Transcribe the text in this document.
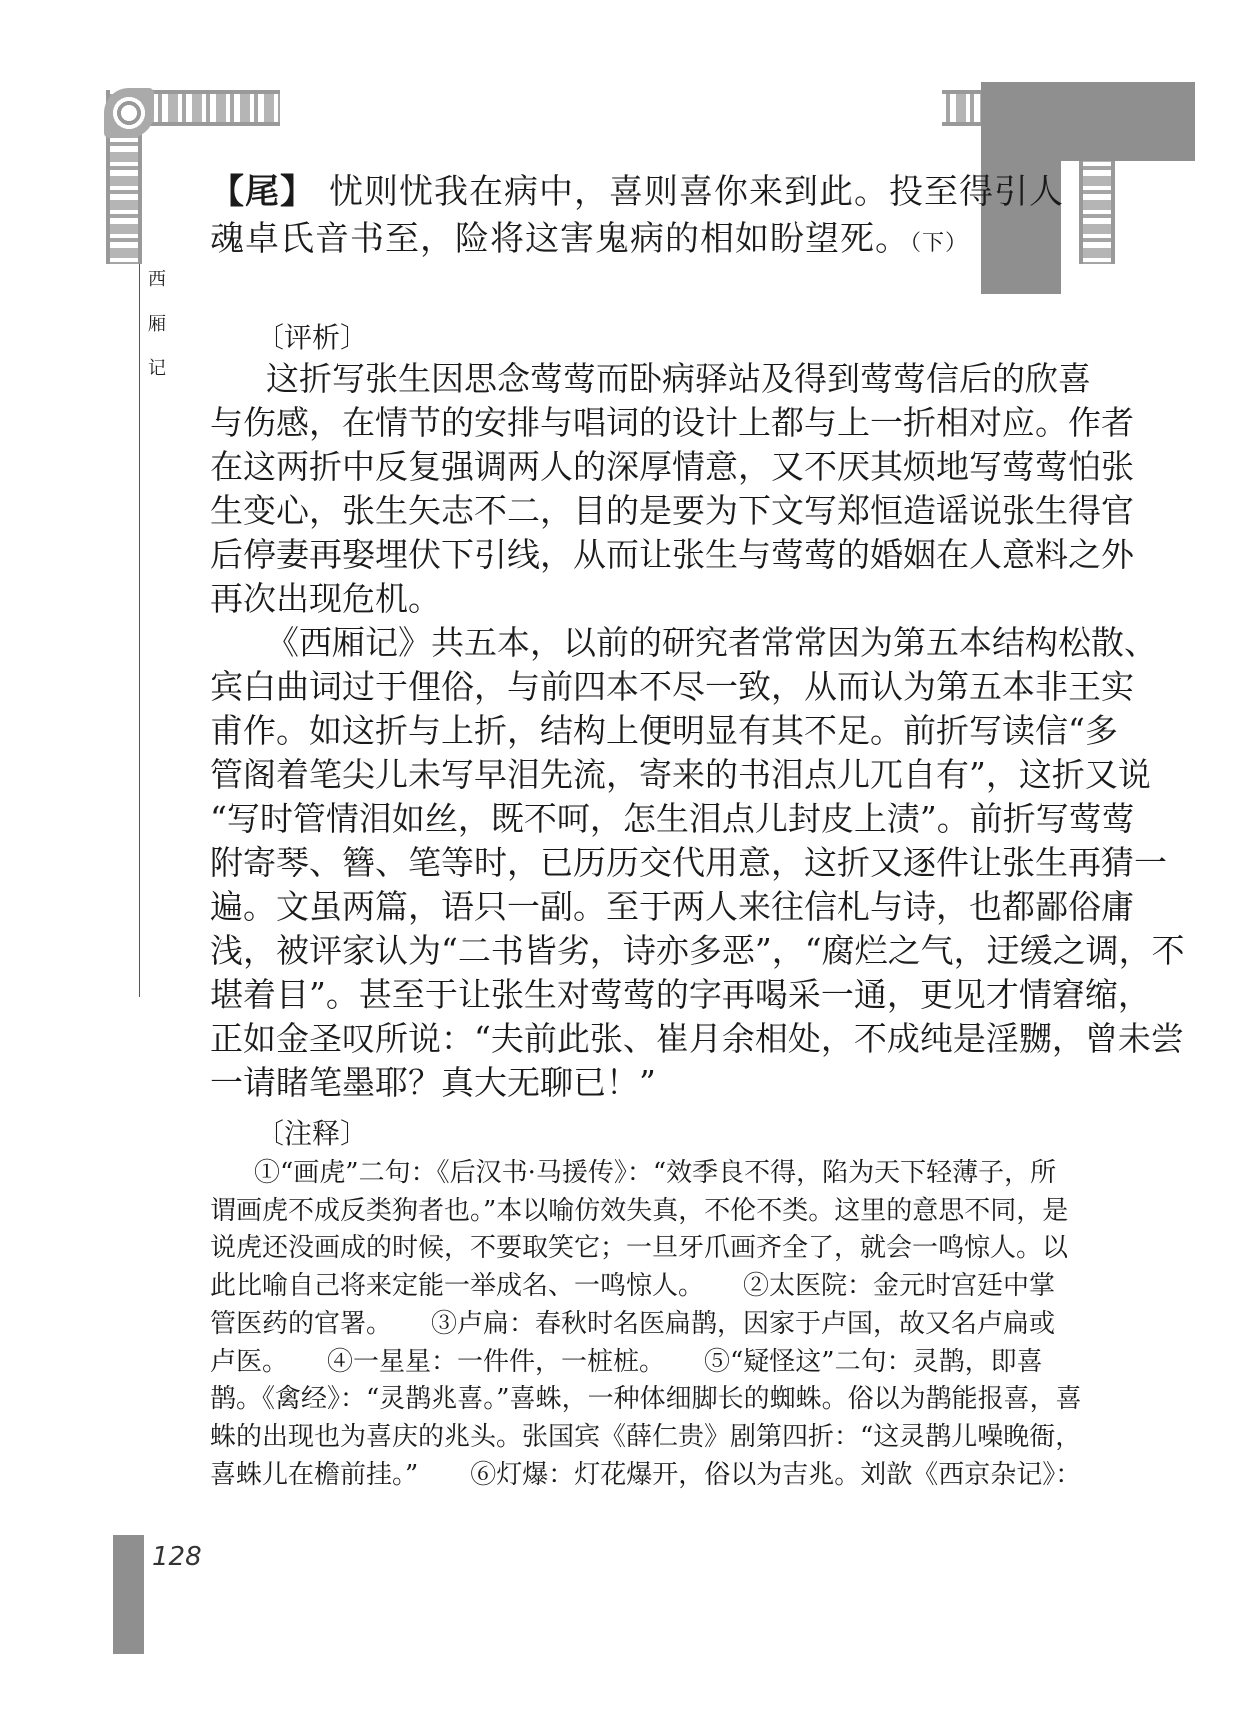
西
厢
记
【尾】 忧则忧我在病中，喜则喜你来到此。投至得引人
魂卓氏音书至，险将这害鬼病的相如盼望死。（下）
〔评析〕
这折写张生因思念莺莺而卧病驿站及得到莺莺信后的欣喜
与伤感，在情节的安排与唱词的设计上都与上一折相对应。作者
在这两折中反复强调两人的深厚情意，又不厌其烦地写莺莺怕张
生变心，张生矢志不二，目的是要为下文写郑恒造谣说张生得官
后停妻再娶埋伏下引线，从而让张生与莺莺的婚姻在人意料之外
再次出现危机。
《西厢记》共五本，以前的研究者常常因为第五本结构松散、
宾白曲词过于俚俗，与前四本不尽一致，从而认为第五本非王实
甫作。如这折与上折，结构上便明显有其不足。前折写读信“多
管阁着笔尖儿未写早泪先流，寄来的书泪点儿兀自有”，这折又说
“写时管情泪如丝，既不呵，怎生泪点儿封皮上渍”。前折写莺莺
附寄琴、簪、笔等时，已历历交代用意，这折又逐件让张生再猜一
遍。文虽两篇，语只一副。至于两人来往信札与诗，也都鄙俗庸
浅，被评家认为“二书皆劣，诗亦多恶”，“腐烂之气，迂缓之调，不
堪着目”。甚至于让张生对莺莺的字再喝采一通，更见才情窘缩，
正如金圣叹所说：“夫前此张、崔月余相处，不成纯是淫嬲，曾未尝
一请睹笔墨耶？真大无聊已！”
〔注释〕
①“画虎”二句：《后汉书·马援传》：“效季良不得，陷为天下轻薄子，所
谓画虎不成反类狗者也。”本以喻仿效失真，不伦不类。这里的意思不同，是
说虎还没画成的时候，不要取笑它；一旦牙爪画齐全了，就会一鸣惊人。以
此比喻自己将来定能一举成名、一鸣惊人。　　②太医院：金元时宫廷中掌
管医药的官署。　　③卢扁：春秋时名医扁鹊，因家于卢国，故又名卢扁或
卢医。　　④一星星：一件件，一桩桩。　　⑤“疑怪这”二句：灵鹊，即喜
鹊。《禽经》：“灵鹊兆喜。”喜蛛，一种体细脚长的蜘蛛。俗以为鹊能报喜，喜
蛛的出现也为喜庆的兆头。张国宾《薛仁贵》剧第四折：“这灵鹊儿噪晚衙，
喜蛛儿在檐前挂。”　　⑥灯爆：灯花爆开，俗以为吉兆。刘歆《西京杂记》：
128
